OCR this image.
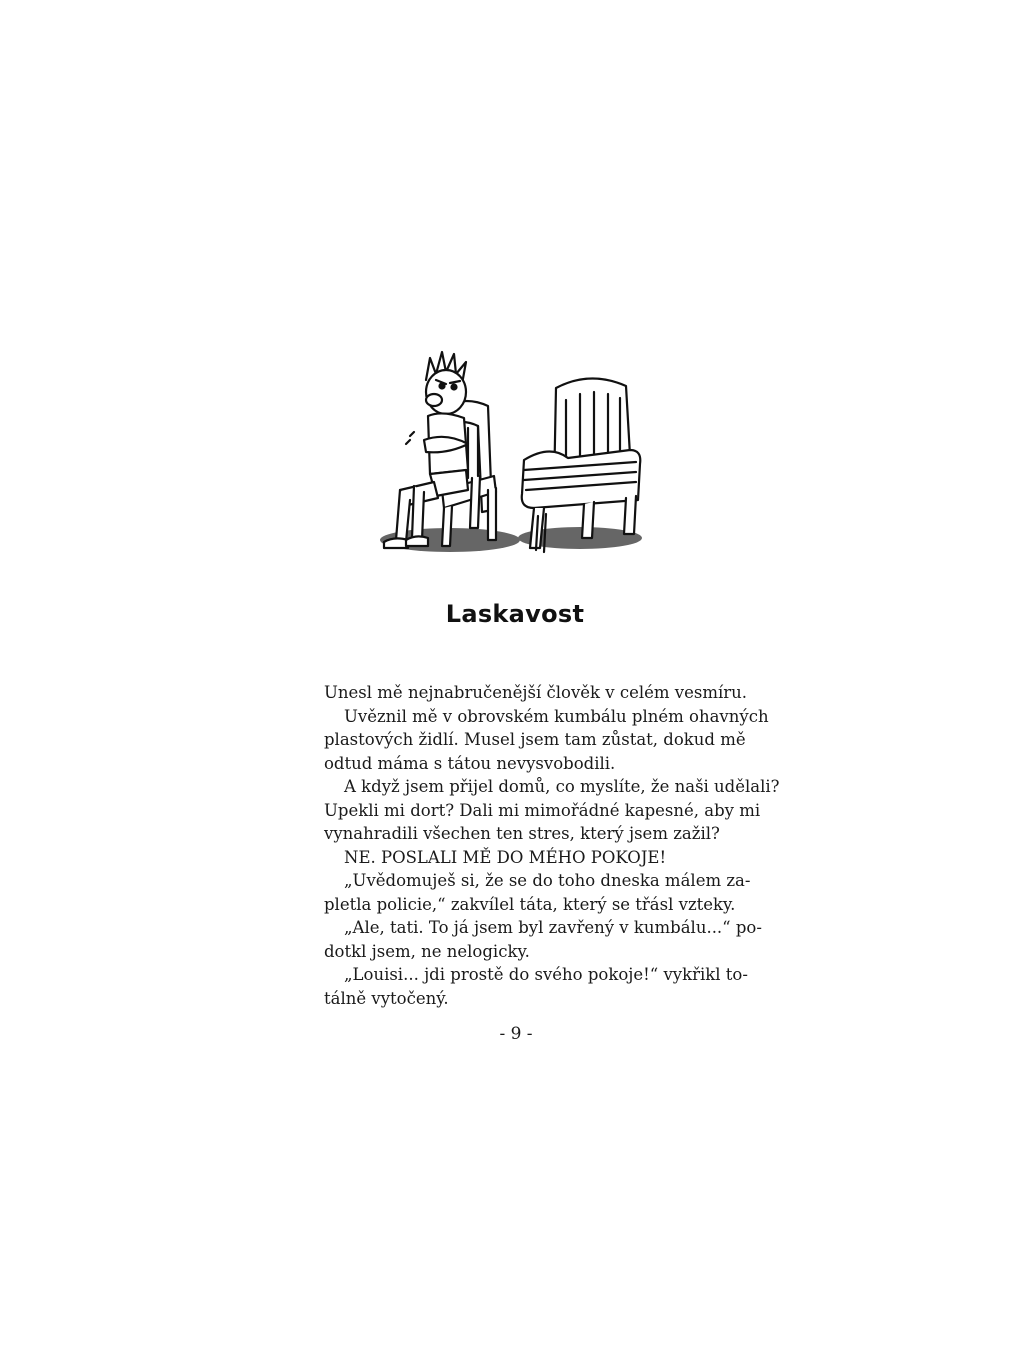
Laskavost
Unesl mě nejnabručenější člověk v celém vesmíru.
Uvěznil mě v obrovském kumbálu plném ohavných
plastových židlí. Musel jsem tam zůstat, dokud mě
odtud máma s tátou nevysvobodili.
A když jsem přijel domů, co myslíte, že naši udělali?
Upekli mi dort? Dali mi mimořádné kapesné, aby mi
vynahradili všechen ten stres, který jsem zažil?
NE. POSLALI MĚ DO MÉHO POKOJE!
„Uvědomuješ si, že se do toho dneska málem za-
pletla policie,“ zakvílel táta, který se třásl vzteky.
„Ale, tati. To já jsem byl zavřený v kumbálu...“ po-
dotkl jsem, ne nelogicky.
„Louisi... jdi prostě do svého pokoje!“ vykřikl to-
tálně vytočený.
- 9 -
